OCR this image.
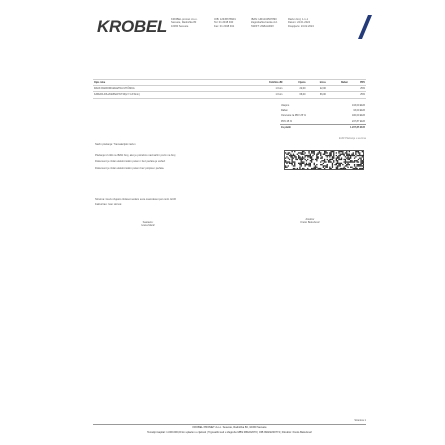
KROBEL KROBEL promet d.o.o.
Sesvete, Radnička 80
10360 Sesvete
OIB: 12345678901
Tel: 01 2048 940
Fax: 01 2048 941
IBAN: HR1234567890
Zagrebačka banka d.d.
SWIFT: ZABAHR2X
Račun broj: 1-1-1
Datum: 24.01.2024
Dospijeće: 24.02.2024
Opis robe	Količina JM	Cijena	Iznos	Rabat	PDV
RACK RADIODNJALETNA UTIČNICA	1 Kom	22,00	22,00		25%
KABLRA DS-2CE56A0T-IT2F(2.7-13.5mm)	1 Kom	66,00	66,00		25%
Ukupno	133,00 EUR
Rabat	33,00 EUR
Osnovica za PDV 25 %	100,00 EUR
PDV 25 %	247,87 EUR
Za platiti	1.237,85 EUR
EUR Plaćanje u eurima
Način plaćanja: Transakcijski račun
Plaćanje izvršiti na IBAN broj, ako je potrebno naznačiti i poziv na broj
Dokument je izdan elektronskim putem i bez pečata je važeći
Dokument je izdan elektronskim putem bez potpisa i pečata.
Slovima: tisuću dvjesto trideset sedam eura osamdeset pet centi. EUR
Fakturirao: Ivan Horvat
Sastavio:
Ivana Marić
direktor
Krešo Bekučević
Stranica 1
KROBEL PROMET d.o.o. Sesvete, Radnička 80, 10360 Sesvete
Temeljni kapital: 1.000.000,00 kn uplaćen u cijelosti | Trgovački sud u Zagrebu MBS 080222070 | OIB 99022200774 | Direktor: Krešo Bekučević
